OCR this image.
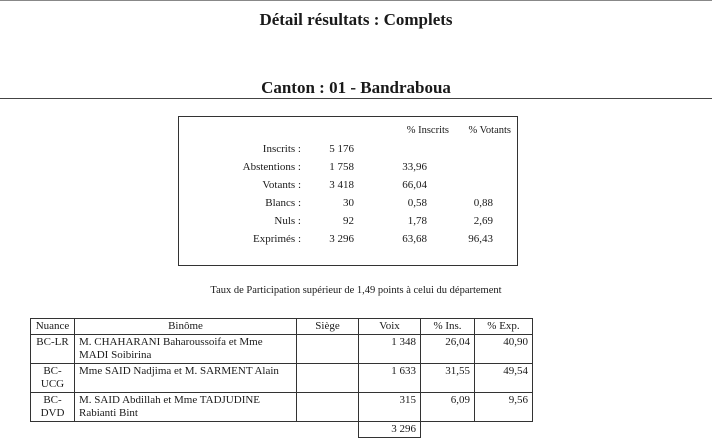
Détail résultats : Complets
Canton : 01 - Bandraboua
% Inscrits % Votants
Inscrits :	5 176
Abstentions :	1 758	33,96
Votants :	3 418	66,04
Blancs :	30	0,58	0,88
Nuls :	92	1,78	2,69
Exprimés :	3 296	63,68	96,43
Taux de Participation supérieur de 1,49 points à celui du département
Nuance	Binôme	Siège	Voix	% Ins.	% Exp.
BC-LR	M. CHAHARANI Baharoussoifa et Mme MADI Soibirina		1 348	26,04	40,90
BC-UCG	Mme SAID Nadjima et M. SARMENT Alain		1 633	31,55	49,54
BC-DVD	M. SAID Abdillah et Mme TADJUDINE Rabianti Bint		315	6,09	9,56
			3 296		
